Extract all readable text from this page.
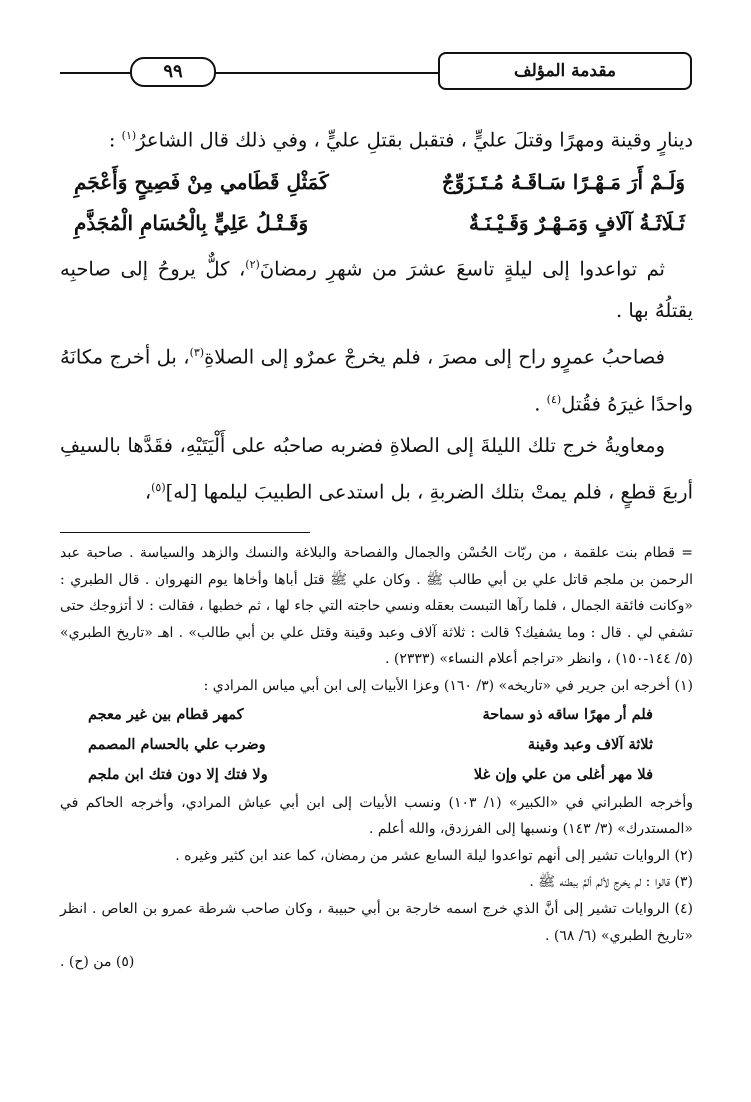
٩٩	مقدمة المؤلف

دينارٍ وقينة ومهرًا وقتلَ عليٍّ ، فتقبل بقتلِ عليٍّ ، وفي ذلك قال الشاعرُ$^{(١)}$ :

وَلَـمْ أَرَ مَـهْـرًا سَـاقَـهُ مُـتَـزَوِّجٌ
كَمَثْلِ قَطَامي مِنْ فَصِيحٍ وَأَعْجَمِ
ثَـلَاثَـةُ آلَافٍ وَمَـهْـرٌ وَقَـيْـنَـةٌ
وَقَـتْـلُ عَلِيٍّ بِالْحُسَامِ الْمُجَذَّمِ

ثم تواعدوا إلى ليلةٍ تاسعَ عشرَ من شهرِ رمضانَ$^{(٢)}$، كلٌّ يروحُ إلى صاحبِه يقتلُهُ بها .

فصاحبُ عمرٍو راح إلى مصرَ ، فلم يخرجْ عمرٌو إلى الصلاةِ$^{(٣)}$، بل أخرج مكانَهُ واحدًا غيرَهُ فقُتل$^{(٤)}$ .

ومعاويةُ خرج تلك الليلةَ إلى الصلاةِ فضربه صاحبُه على أَلْيَتَيْهِ، فقَدَّها بالسيفِ أربعَ قطعٍ ، فلم يمتْ بتلك الضربةِ ، بل استدعى الطبيبَ ليلمها [له]$^{(٥)}$،

= قطام بنت علقمة ، من ربّات الحُسْن والجمال والفصاحة والبلاغة والنسك والزهد والسياسة . صاحبة عبد الرحمن بن ملجم قاتل علي بن أبي طالب ﷺ . وكان علي ﷺ قتل أباها وأخاها يوم النهروان . قال الطبري : «وكانت فائقة الجمال ، فلما رآها التبست بعقله ونسي حاجته التي جاء لها ، ثم خطبها ، فقالت : لا أتزوجك حتى تشفي لي . قال : وما يشفيك؟ قالت : ثلاثة آلاف وعبد وقينة وقتل علي بن أبي طالب» . اهـ «تاريخ الطبري» (٥/ ١٤٤-١٥٠) ، وانظر «تراجم أعلام النساء» (٢٣٣٣) .

(١) أخرجه ابن جرير في «تاريخه» (٣/ ١٦٠) وعزا الأبيات إلى ابن أبي مياس المرادي :

فلم أر مهرًا ساقه ذو سماحة
كمهر قطام بين غير معجم
ثلاثة آلاف وعبد وقينة
وضرب علي بالحسام المصمم
فلا مهر أغلى من علي وإن غلا
ولا فتك إلا دون فتك ابن ملجم

وأخرجه الطبراني في «الكبير» (١/ ١٠٣) ونسب الأبيات إلى ابن أبي عياش المرادي، وأخرجه الحاكم في «المستدرك» (٣/ ١٤٣) ونسبها إلى الفرزدق، والله أعلم .

(٢) الروايات تشير إلى أنهم تواعدوا ليلة السابع عشر من رمضان، كما عند ابن كثير وغيره .

(٣) قالوا : لم يخرج لألم ألمَّ ببطنه ﷺ .

(٤) الروايات تشير إلى أنَّ الذي خرج اسمه خارجة بن أبي حبيبة ، وكان صاحب شرطة عمرو بن العاص . انظر «تاريخ الطبري» (٦/ ٦٨) .

(٥) من (ح) .
